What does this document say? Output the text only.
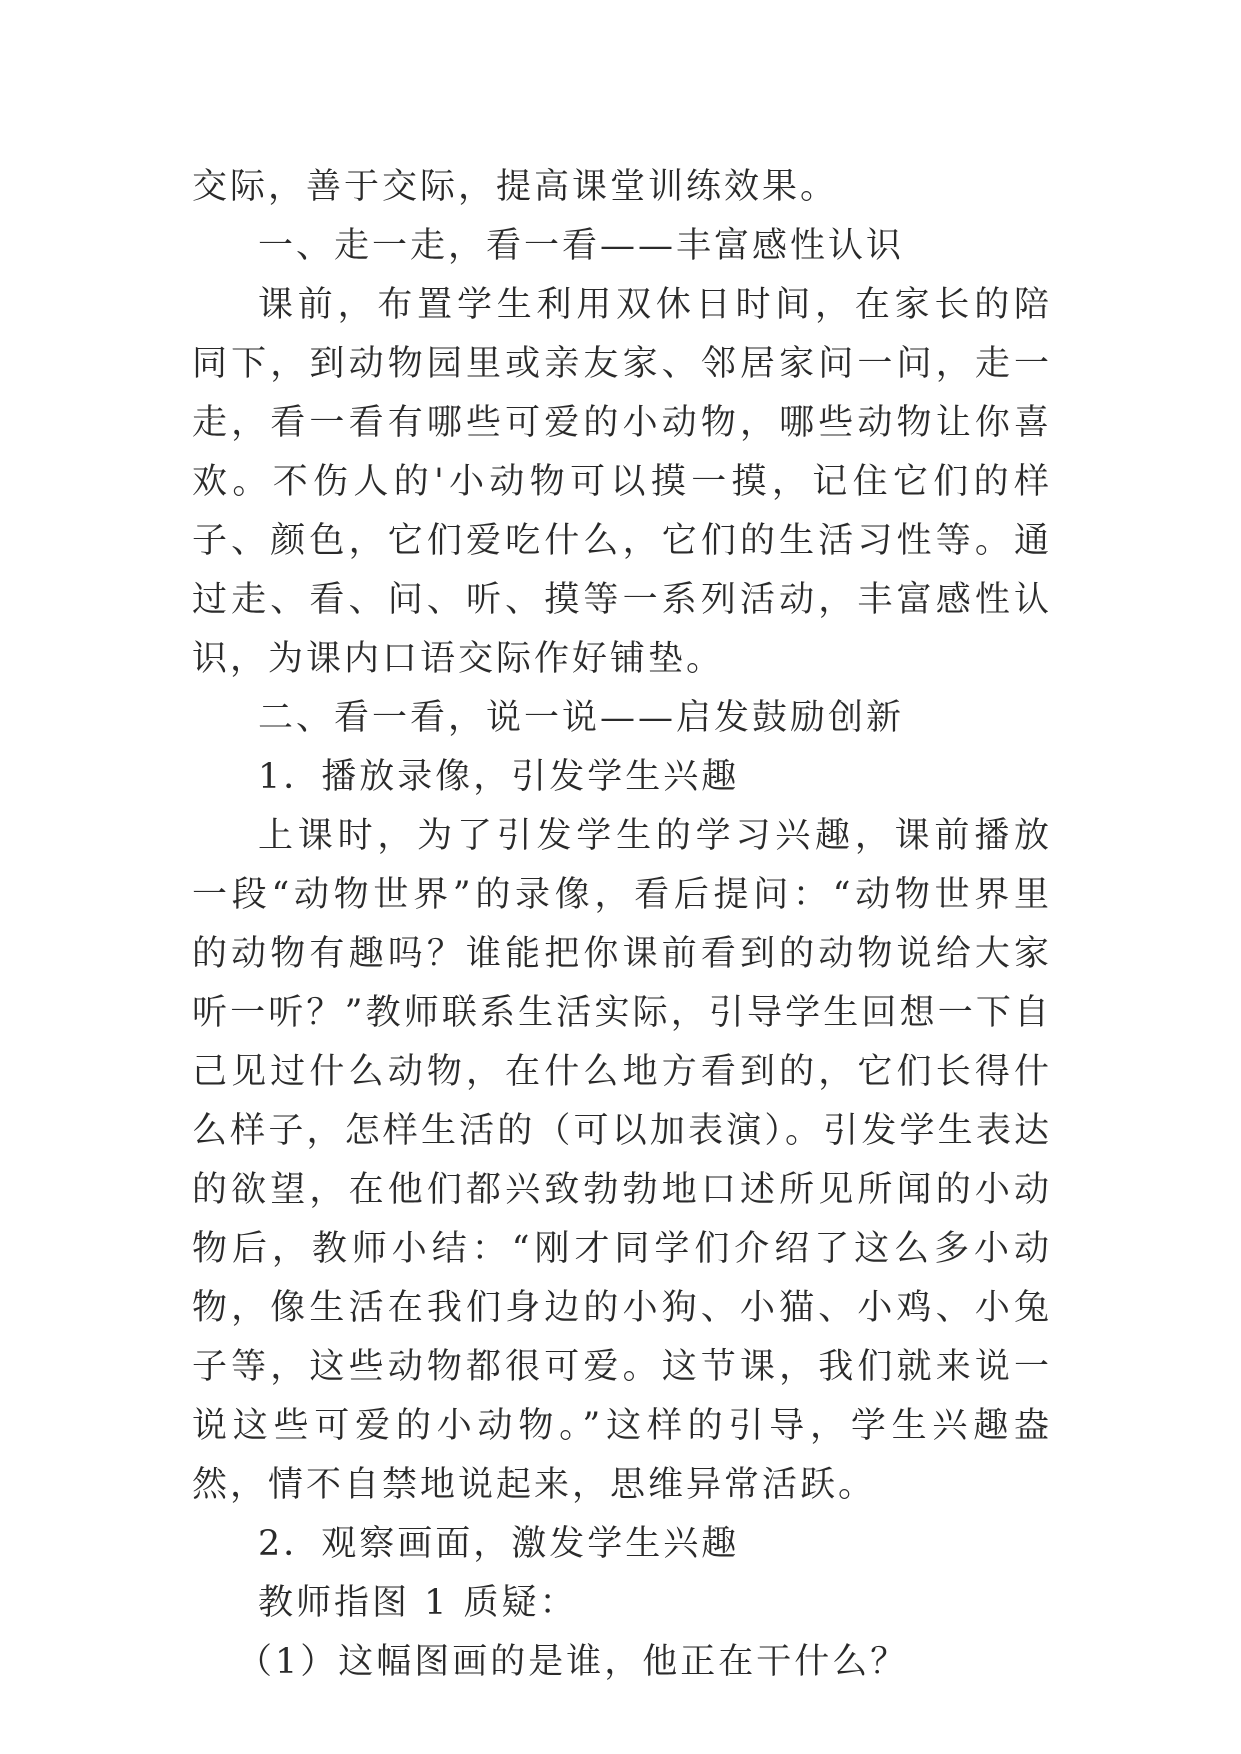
交际，善于交际，提高课堂训练效果。

一、走一走，看一看——丰富感性认识

课前，布置学生利用双休日时间，在家长的陪同下，到动物园里或亲友家、邻居家问一问，走一走，看一看有哪些可爱的小动物，哪些动物让你喜欢。不伤人的'小动物可以摸一摸，记住它们的样子、颜色，它们爱吃什么，它们的生活习性等。通过走、看、问、听、摸等一系列活动，丰富感性认识，为课内口语交际作好铺垫。

二、看一看，说一说——启发鼓励创新

1．播放录像，引发学生兴趣

上课时，为了引发学生的学习兴趣，课前播放一段“动物世界”的录像，看后提问：“动物世界里的动物有趣吗？谁能把你课前看到的动物说给大家听一听？”教师联系生活实际，引导学生回想一下自己见过什么动物，在什么地方看到的，它们长得什么样子，怎样生活的（可以加表演）。引发学生表达的欲望，在他们都兴致勃勃地口述所见所闻的小动物后，教师小结：“刚才同学们介绍了这么多小动物，像生活在我们身边的小狗、小猫、小鸡、小兔子等，这些动物都很可爱。这节课，我们就来说一说这些可爱的小动物。”这样的引导，学生兴趣盎然，情不自禁地说起来，思维异常活跃。

2．观察画面，激发学生兴趣

教师指图 1 质疑：

（1）这幅图画的是谁，他正在干什么？
